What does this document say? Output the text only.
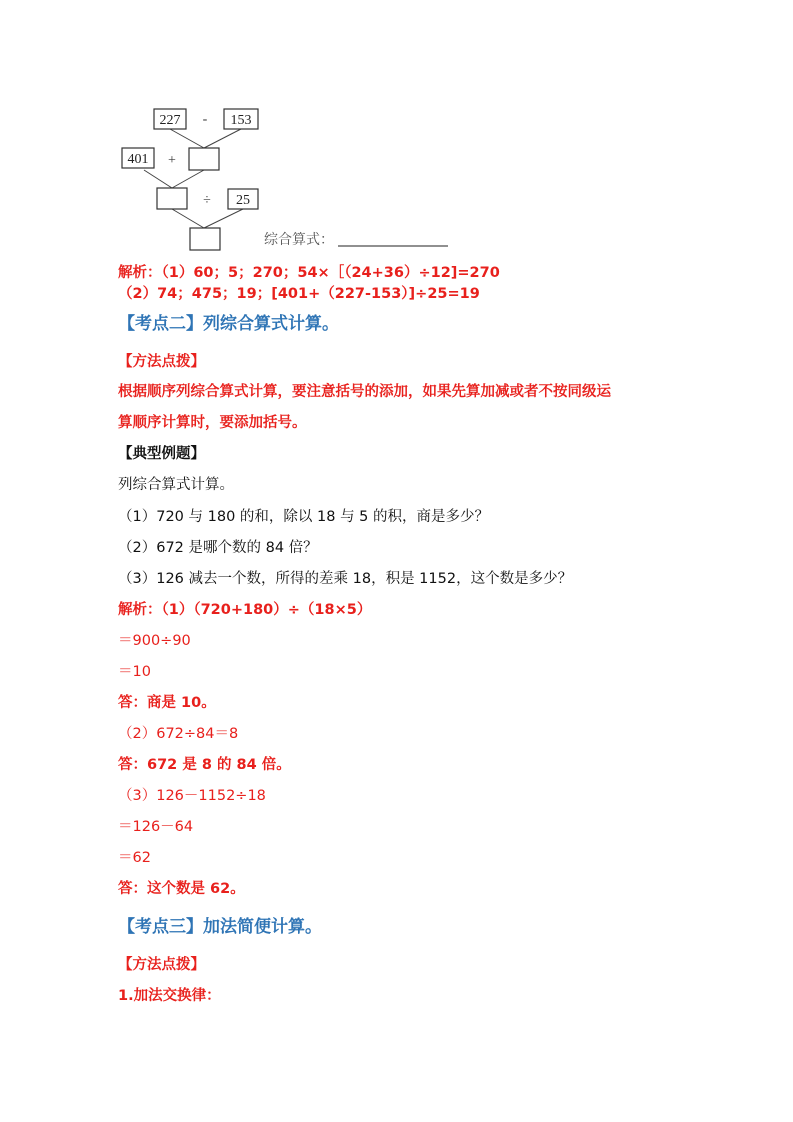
227	153
401
25
-
+
÷
综合算式：
解析：（1）60；5；270；54×［（24+36）÷12]=270
（2）74；475；19；[401+（227-153）]÷25=19
【考点二】列综合算式计算。
【方法点拨】
根据顺序列综合算式计算，要注意括号的添加，如果先算加减或者不按同级运
算顺序计算时，要添加括号。
【典型例题】
列综合算式计算。
（1）720 与 180 的和，除以 18 与 5 的积，商是多少？
（2）672 是哪个数的 84 倍？
（3）126 减去一个数，所得的差乘 18，积是 1152，这个数是多少？
解析：（1）（720+180）÷（18×5）
＝900÷90
＝10
答：商是 10。
（2）672÷84＝8
答：672 是 8 的 84 倍。
（3）126－1152÷18
＝126－64
＝62
答：这个数是 62。
【考点三】加法简便计算。
【方法点拨】
1.加法交换律：
